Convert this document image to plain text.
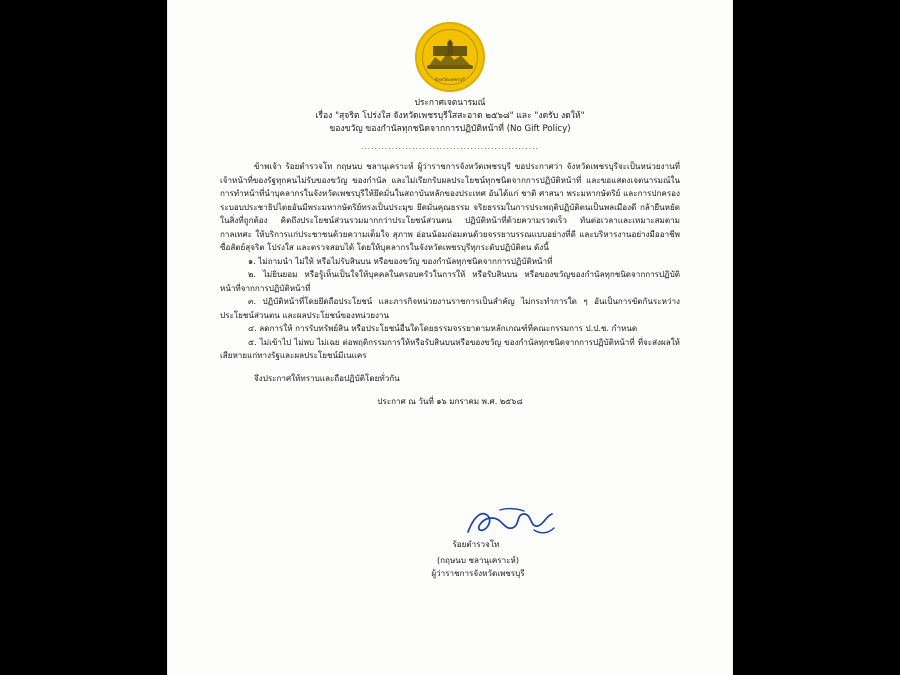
จังหวัดเพชรบุรี
ประกาศเจตนารมณ์
เรื่อง "สุจริต โปร่งใส จังหวัดเพชรบุรีใสสะอาด ๒๕๖๘" และ "งดรับ งดให้"
ของขวัญ ของกำนัลทุกชนิดจากการปฏิบัติหน้าที่ (No Gift Policy)
....................................................

ข้าพเจ้า ร้อยตำรวจโท กฤษนบ ชลานุเคราะห์ ผู้ว่าราชการจังหวัดเพชรบุรี ขอประกาศว่า จังหวัดเพชรบุรีจะเป็นหน่วยงานที่เจ้าหน้าที่ของรัฐทุกคนไม่รับของขวัญ ของกำนัล และไม่เรียกรับผลประโยชน์ทุกชนิดจากการปฏิบัติหน้าที่ และขอแสดงเจตนารมณ์ในการทำหน้าที่นำบุคลากรในจังหวัดเพชรบุรีให้ยึดมั่นในสถาบันหลักของประเทศ อันได้แก่ ชาติ ศาสนา พระมหากษัตริย์ และการปกครองระบอบประชาธิปไตยอันมีพระมหากษัตริย์ทรงเป็นประมุข ยึดมั่นคุณธรรม จริยธรรมในการประพฤติปฏิบัติตนเป็นพลเมืองดี กล้ายืนหยัดในสิ่งที่ถูกต้อง คิดถึงประโยชน์ส่วนรวมมากกว่าประโยชน์ส่วนตน ปฏิบัติหน้าที่ด้วยความรวดเร็ว ทันต่อเวลาและเหมาะสมตามกาลเทศะ ให้บริการแก่ประชาชนด้วยความเต็มใจ สุภาพ อ่อนน้อมถ่อมตนด้วยจรรยาบรรณแบบอย่างที่ดี และบริหารงานอย่างมืออาชีพ ซื่อสัตย์สุจริต โปร่งใส และตรวจสอบได้ โดยให้บุคลากรในจังหวัดเพชรบุรีทุกระดับปฏิบัติตน ดังนี้

๑. ไม่ถามนำ ไม่ให้ หรือไม่รับสินบน หรือของขวัญ ของกำนัลทุกชนิดจากการปฏิบัติหน้าที่

๒. ไม่ยินยอม หรือรู้เห็นเป็นใจให้บุคคลในครอบครัวในการให้ หรือรับสินบน หรือของขวัญของกำนัลทุกชนิดจากการปฏิบัติหน้าที่จากการปฏิบัติหน้าที่

๓. ปฏิบัติหน้าที่โดยยึดถือประโยชน์ และภารกิจหน่วยงานราชการเป็นสำคัญ ไม่กระทำการใด ๆ อันเป็นการขัดกันระหว่างประโยชน์ส่วนตน และผลประโยชน์ของหน่วยงาน

๔. ลดการให้ การรับทรัพย์สิน หรือประโยชน์อื่นใดโดยธรรมจรรยาตามหลักเกณฑ์ที่คณะกรรมการ ป.ป.ช. กำหนด

๕. ไม่เข้าไป ไม่พบ ไม่เฉย ต่อพฤติกรรมการให้หรือรับสินบนหรือของขวัญ ของกำนัลทุกชนิดจากการปฏิบัติหน้าที่ ที่จะส่งผลให้เสียหายแก่ทางรัฐและผลประโยชน์มีเนแคร

จึงประกาศให้ทราบและถือปฏิบัติโดยทั่วกัน

ประกาศ ณ วันที่ ๑๖ มกราคม พ.ศ. ๒๕๖๘
ร้อยตำรวจโท
(กฤษนบ ชลานุเคราะห์)
ผู้ว่าราชการจังหวัดเพชรบุรี
